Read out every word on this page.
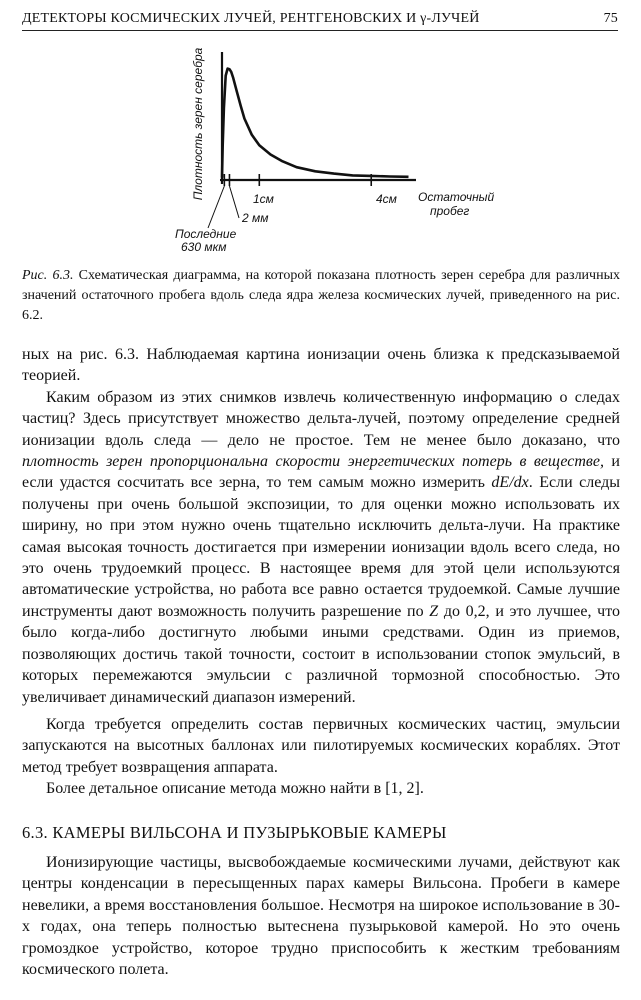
ДЕТЕКТОРЫ КОСМИЧЕСКИХ ЛУЧЕЙ, РЕНТГЕНОВСКИХ И γ-ЛУЧЕЙ	75
Плотность зерен серебра	1см	4см
2 мм
Последние
630 мкм
Остаточный
пробег
Рис. 6.3. Схематическая диаграмма, на которой показана плотность зерен серебра для различных значений остаточного пробега вдоль следа ядра железа космических лучей, приведенного на рис. 6.2.

ных на рис. 6.3. Наблюдаемая картина ионизации очень близка к предсказываемой теорией.

Каким образом из этих снимков извлечь количественную информацию о следах частиц? Здесь присутствует множество дельта-лучей, поэтому определение средней ионизации вдоль следа — дело не простое. Тем не менее было доказано, что плотность зерен пропорциональна скорости энергетических потерь в веществе, и если удастся сосчитать все зерна, то тем самым можно измерить dE/dx. Если следы получены при очень большой экспозиции, то для оценки можно использовать их ширину, но при этом нужно очень тщательно исключить дельта-лучи. На практике самая высокая точность достигается при измерении ионизации вдоль всего следа, но это очень трудоемкий процесс. В настоящее время для этой цели используются автоматические устройства, но работа все равно остается трудоемкой. Самые лучшие инструменты дают возможность получить разрешение по Z до 0,2, и это лучшее, что было когда-либо достигнуто любыми иными средствами. Один из приемов, позволяющих достичь такой точности, состоит в использовании стопок эмульсий, в которых перемежаются эмульсии с различной тормозной способностью. Это увеличивает динамический диапазон измерений.

Когда требуется определить состав первичных космических частиц, эмульсии запускаются на высотных баллонах или пилотируемых космических кораблях. Этот метод требует возвращения аппарата.

Более детальное описание метода можно найти в [1, 2].

6.3. КАМЕРЫ ВИЛЬСОНА И ПУЗЫРЬКОВЫЕ КАМЕРЫ

Ионизирующие частицы, высвобождаемые космическими лучами, действуют как центры конденсации в пересыщенных парах камеры Вильсона. Пробеги в камере невелики, а время восстановления большое. Несмотря на широкое использование в 30-х годах, она теперь полностью вытеснена пузырьковой камерой. Но это очень громоздкое устройство, которое трудно приспособить к жестким требованиям космического полета.
